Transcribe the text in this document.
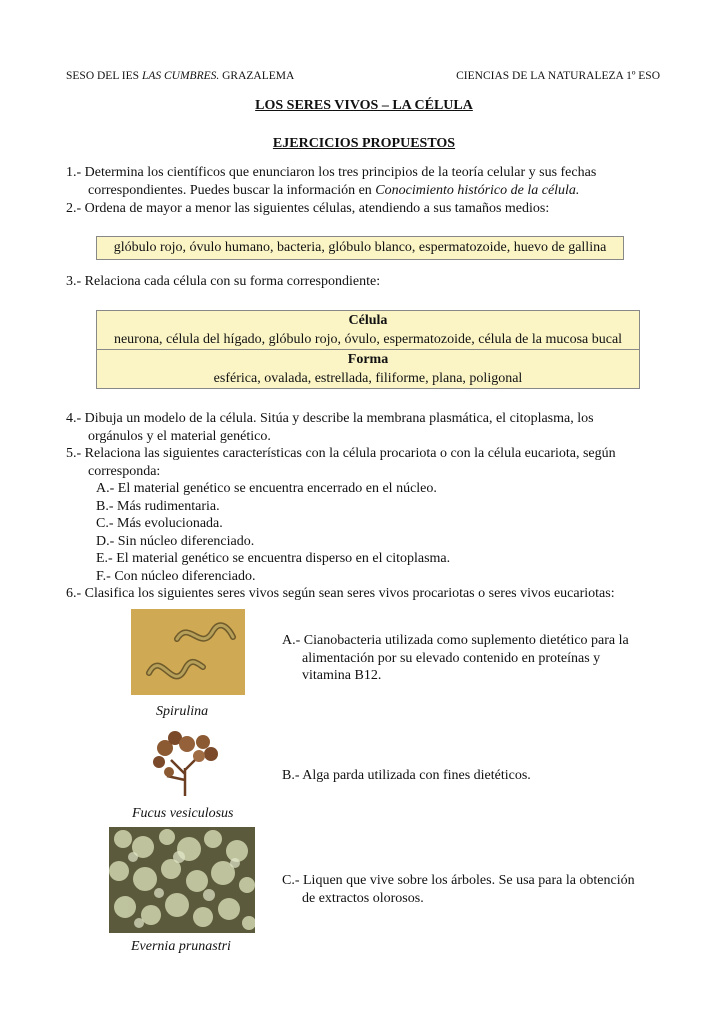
SESO DEL IES LAS CUMBRES. GRAZALEMA	CIENCIAS DE LA NATURALEZA 1º ESO
LOS SERES VIVOS – LA CÉLULA
EJERCICIOS PROPUESTOS
1.- Determina los científicos que enunciaron los tres principios de la teoría celular y sus fechas
correspondientes. Puedes buscar la información en Conocimiento histórico de la célula.
2.- Ordena de mayor a menor las siguientes células, atendiendo a sus tamaños medios:
glóbulo rojo, óvulo humano, bacteria, glóbulo blanco, espermatozoide, huevo de gallina
3.- Relaciona cada célula con su forma correspondiente:
Célula
neurona, célula del hígado, glóbulo rojo, óvulo, espermatozoide, célula de la mucosa bucal
Forma
esférica, ovalada, estrellada, filiforme, plana, poligonal
4.- Dibuja un modelo de la célula. Sitúa y describe la membrana plasmática, el citoplasma, los
orgánulos y el material genético.
5.- Relaciona las siguientes características con la célula procariota o con la célula eucariota, según
corresponda:
A.- El material genético se encuentra encerrado en el núcleo.
B.- Más rudimentaria.
C.- Más evolucionada.
D.- Sin núcleo diferenciado.
E.- El material genético se encuentra disperso en el citoplasma.
F.- Con núcleo diferenciado.
6.- Clasifica los siguientes seres vivos según sean seres vivos procariotas o seres vivos eucariotas:
Spirulina
A.- Cianobacteria utilizada como suplemento dietético para la
alimentación por su elevado contenido en proteínas y
vitamina B12.
Fucus vesiculosus
B.- Alga parda utilizada con fines dietéticos.
Evernia prunastri
C.- Liquen que vive sobre los árboles. Se usa para la obtención
de extractos olorosos.
